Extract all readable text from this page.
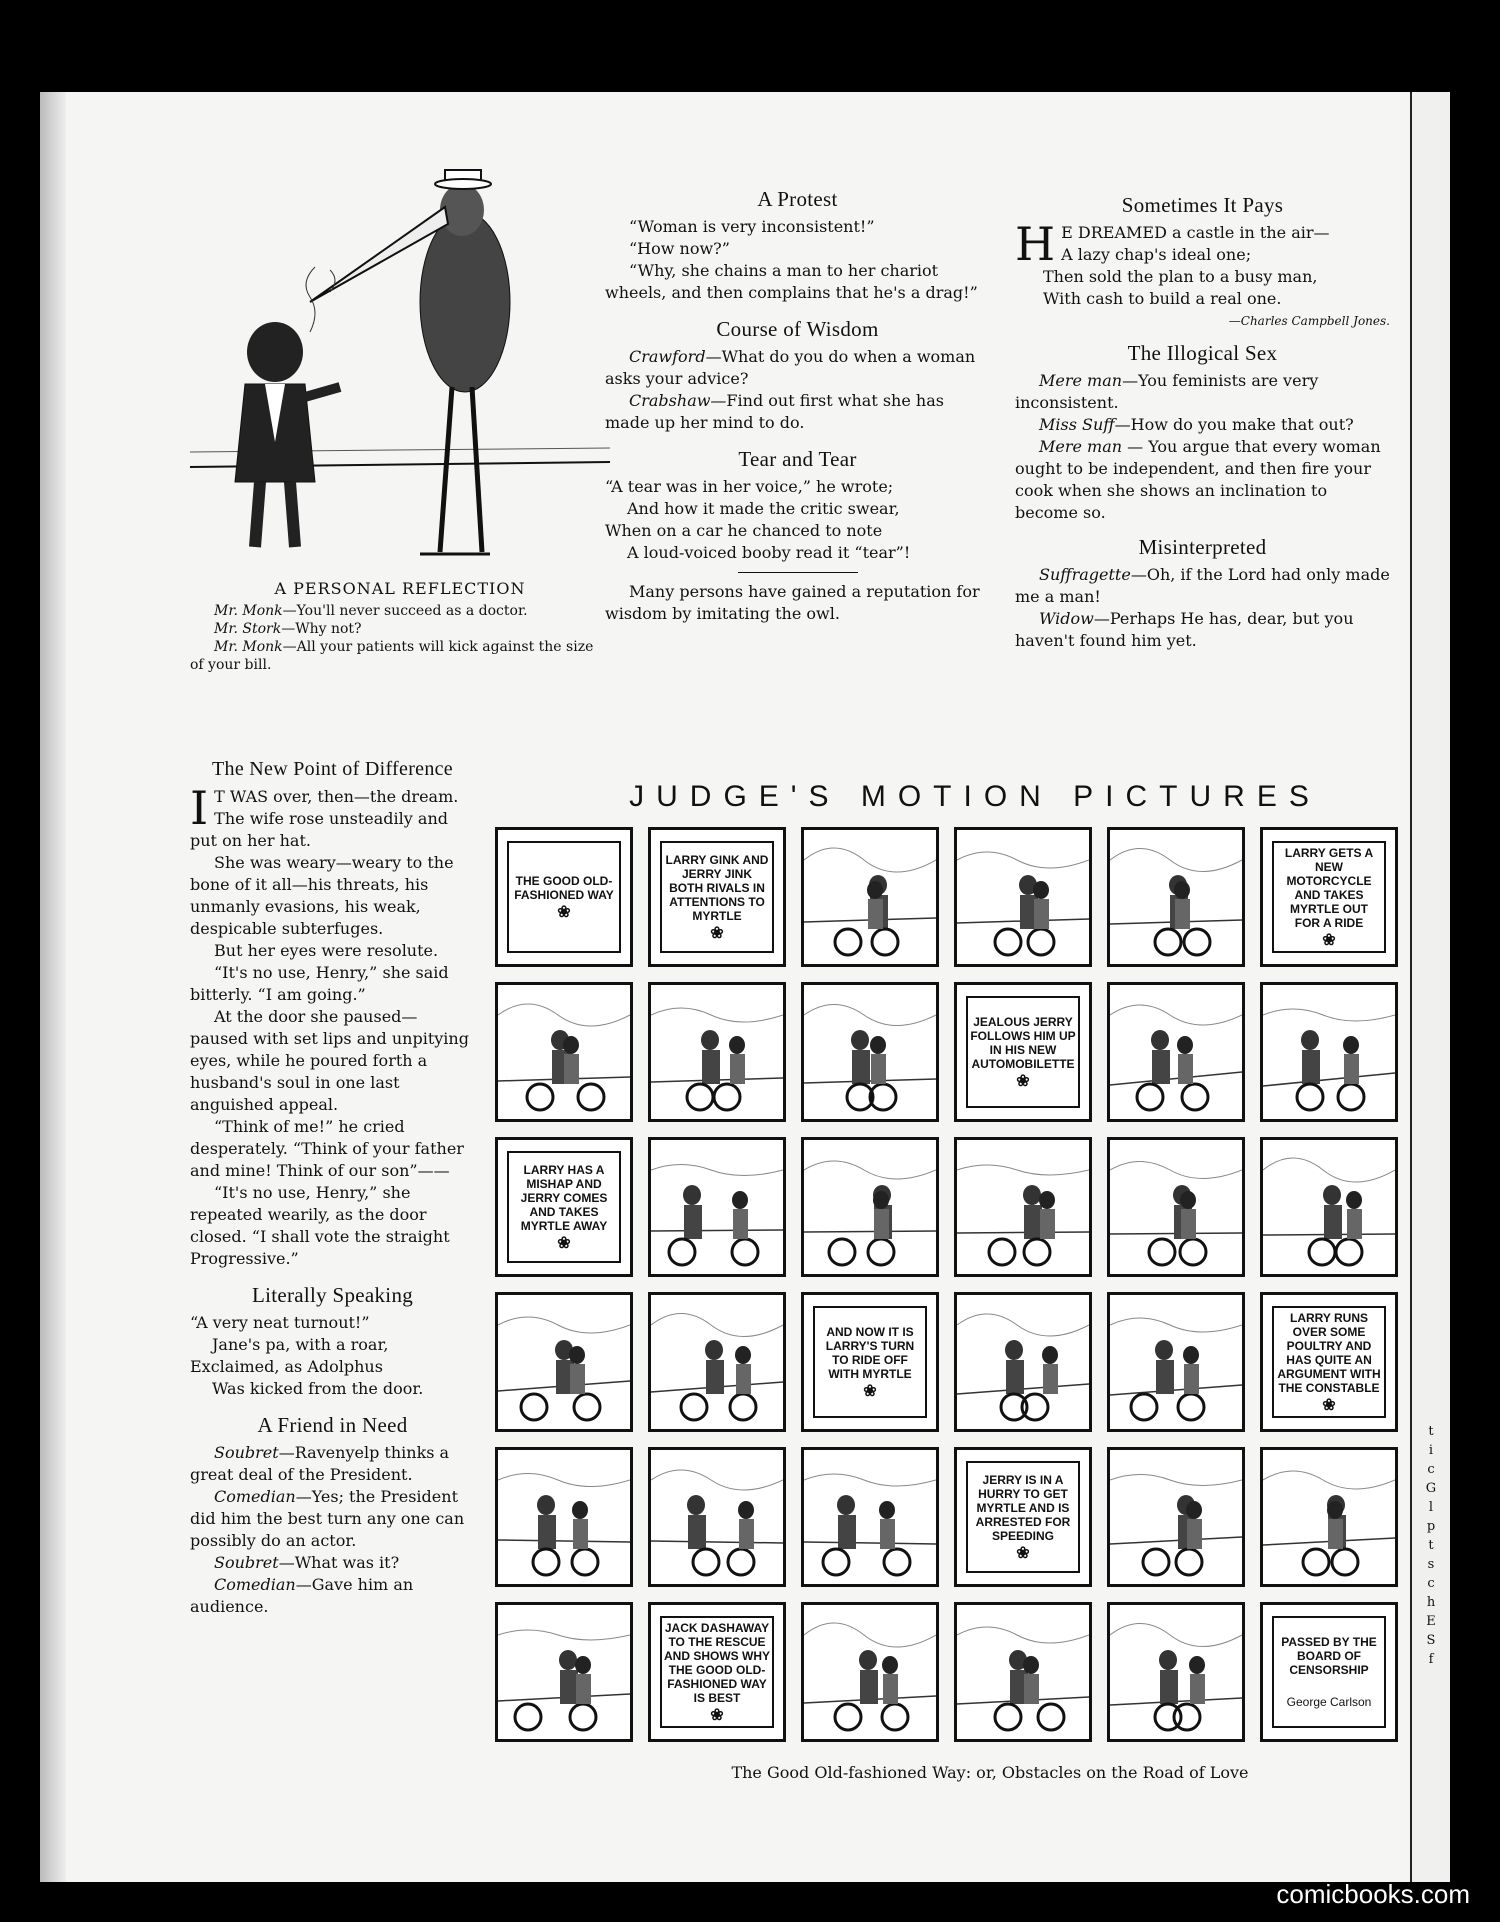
t
i
c
G
l
p
t
s
c
h
E
S
f

A PERSONAL REFLECTION

Mr. Monk—You'll never succeed as a doctor.

Mr. Stork—Why not?

Mr. Monk—All your patients will kick against the size of your bill.

A Protest

“Woman is very inconsistent!”

“How now?”

“Why, she chains a man to her chariot wheels, and then complains that he's a drag!”

Course of Wisdom

Crawford—What do you do when a woman asks your advice?

Crabshaw—Find out first what she has made up her mind to do.

Tear and Tear

“A tear was in her voice,” he wrote;

And how it made the critic swear,

When on a car he chanced to note

A loud-voiced booby read it “tear”!

Many persons have gained a reputation for wisdom by imitating the owl.

Sometimes It Pays
H E DREAMED a castle in the air—

A lazy chap's ideal one;

Then sold the plan to a busy man,

With cash to build a real one.

—Charles Campbell Jones.

The Illogical Sex

Mere man—You feminists are very inconsistent.

Miss Suff—How do you make that out?

Mere man — You argue that every woman ought to be independent, and then fire your cook when she shows an inclination to become so.

Misinterpreted

Suffragette—Oh, if the Lord had only made me a man!

Widow—Perhaps He has, dear, but you haven't found him yet.

The New Point of Difference

I T WAS over, then—the dream. The wife rose unsteadily and put on her hat.

She was weary—weary to the bone of it all—his threats, his unmanly evasions, his weak, despicable subterfuges.

But her eyes were resolute.

“It's no use, Henry,” she said bitterly. “I am going.”

At the door she paused—paused with set lips and unpitying eyes, while he poured forth a husband's soul in one last anguished appeal.

“Think of me!” he cried desperately. “Think of your father and mine! Think of our son”——

“It's no use, Henry,” she repeated wearily, as the door closed. “I shall vote the straight Progressive.”

Literally Speaking

“A very neat turnout!”

Jane's pa, with a roar,

Exclaimed, as Adolphus

Was kicked from the door.

A Friend in Need

Soubret—Ravenyelp thinks a great deal of the President.

Comedian—Yes; the President did him the best turn any one can possibly do an actor.

Soubret—What was it?

Comedian—Gave him an audience.

JUDGE'S MOTION PICTURES
THE GOOD OLD-FASHIONED WAY
❀
LARRY GINK AND JERRY JINK BOTH RIVALS IN ATTENTIONS TO MYRTLE
❀
LARRY GETS A NEW MOTORCYCLE AND TAKES MYRTLE OUT FOR A RIDE
❀
JEALOUS JERRY FOLLOWS HIM UP IN HIS NEW AUTOMOBILETTE
❀
LARRY HAS A MISHAP AND JERRY COMES AND TAKES MYRTLE AWAY
❀
AND NOW IT IS LARRY'S TURN TO RIDE OFF WITH MYRTLE
❀
LARRY RUNS OVER SOME POULTRY AND HAS QUITE AN ARGUMENT WITH THE CONSTABLE
❀
JERRY IS IN A HURRY TO GET MYRTLE AND IS ARRESTED FOR SPEEDING
❀
JACK DASHAWAY TO THE RESCUE AND SHOWS WHY THE GOOD OLD-FASHIONED WAY IS BEST
❀
PASSED BY THE BOARD OF CENSORSHIP
George Carlson
The Good Old-fashioned Way: or, Obstacles on the Road of Love
comicbooks.com
